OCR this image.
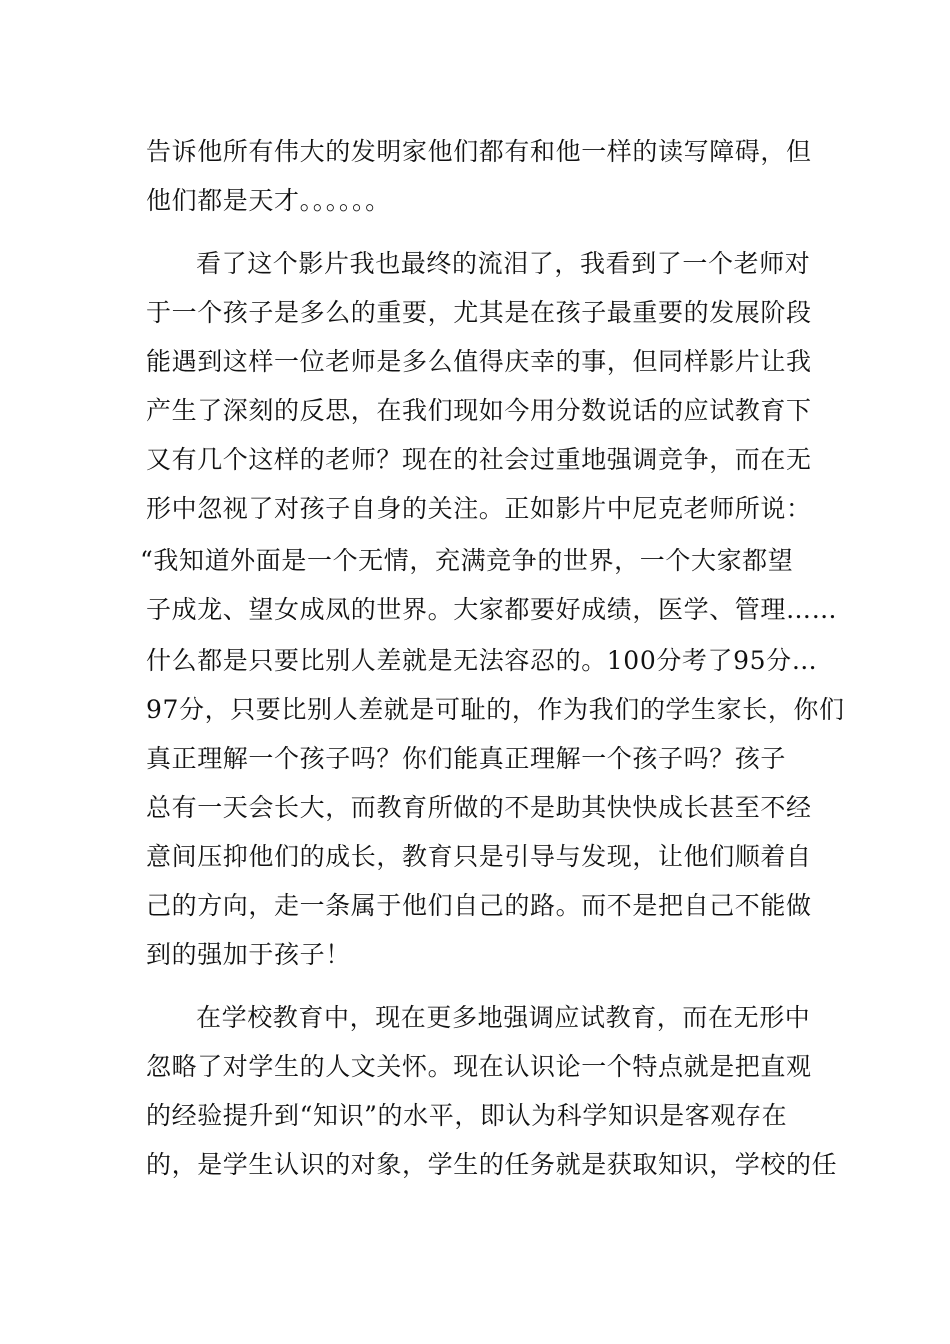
告诉他所有伟大的发明家他们都有和他一样的读写障碍，但
他们都是天才。。。。。。
看了这个影片我也最终的流泪了，我看到了一个老师对
于一个孩子是多么的重要，尤其是在孩子最重要的发展阶段
能遇到这样一位老师是多么值得庆幸的事，但同样影片让我
产生了深刻的反思，在我们现如今用分数说话的应试教育下
又有几个这样的老师？现在的社会过重地强调竞争，而在无
形中忽视了对孩子自身的关注。正如影片中尼克老师所说：
“我知道外面是一个无情，充满竞争的世界，一个大家都望
子成龙、望女成凤的世界。大家都要好成绩，医学、管理……
什么都是只要比别人差就是无法容忍的。100分考了95分…
97分，只要比别人差就是可耻的，作为我们的学生家长，你们
真正理解一个孩子吗？你们能真正理解一个孩子吗？孩子
总有一天会长大，而教育所做的不是助其快快成长甚至不经
意间压抑他们的成长，教育只是引导与发现，让他们顺着自
己的方向，走一条属于他们自己的路。而不是把自己不能做
到的强加于孩子！
在学校教育中，现在更多地强调应试教育，而在无形中
忽略了对学生的人文关怀。现在认识论一个特点就是把直观
的经验提升到“知识”的水平，即认为科学知识是客观存在
的，是学生认识的对象，学生的任务就是获取知识，学校的任
